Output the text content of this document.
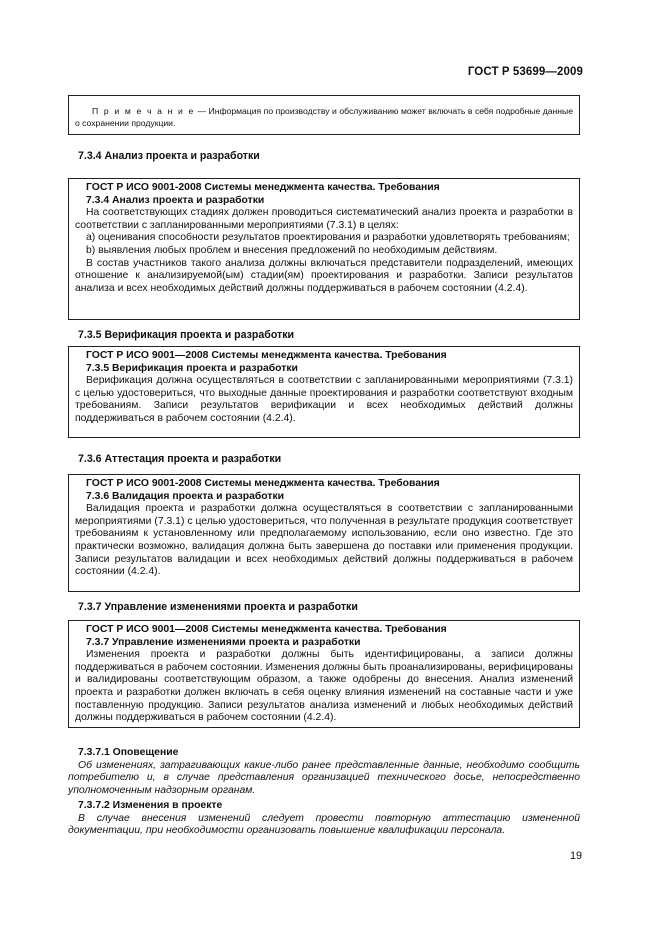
ГОСТ Р 53699—2009

П р и м е ч а н и е — Информация по производству и обслуживанию может включать в себя подробные данные о сохранении продукции.

7.3.4 Анализ проекта и разработки

ГОСТ Р ИСО 9001-2008 Системы менеджмента качества. Требования

7.3.4 Анализ проекта и разработки

На соответствующих стадиях должен проводиться систематический анализ проекта и разработки в соответствии с запланированными мероприятиями (7.3.1) в целях:

a) оценивания способности результатов проектирования и разработки удовлетворять требованиям;

b) выявления любых проблем и внесения предложений по необходимым действиям.

В состав участников такого анализа должны включаться представители подразделений, имеющих отношение к анализируемой(ым) стадии(ям) проектирования и разработки. Записи результатов анализа и всех необходимых действий должны поддерживаться в рабочем состоянии (4.2.4).

7.3.5 Верификация проекта и разработки

ГОСТ Р ИСО 9001—2008 Системы менеджмента качества. Требования

7.3.5 Верификация проекта и разработки

Верификация должна осуществляться в соответствии с запланированными мероприятиями (7.3.1) с целью удостовериться, что выходные данные проектирования и разработки соответствуют входным требованиям. Записи результатов верификации и всех необходимых действий должны поддерживаться в рабочем состоянии (4.2.4).

7.3.6 Аттестация проекта и разработки

ГОСТ Р ИСО 9001-2008 Системы менеджмента качества. Требования

7.3.6 Валидация проекта и разработки

Валидация проекта и разработки должна осуществляться в соответствии с запланированными мероприятиями (7.3.1) с целью удостовериться, что полученная в результате продукция соответствует требованиям к установленному или предполагаемому использованию, если оно известно. Где это практически возможно, валидация должна быть завершена до поставки или применения продукции. Записи результатов валидации и всех необходимых действий должны поддерживаться в рабочем состоянии (4.2.4).

7.3.7 Управление изменениями проекта и разработки

ГОСТ Р ИСО 9001—2008 Системы менеджмента качества. Требования

7.3.7 Управление изменениями проекта и разработки

Изменения проекта и разработки должны быть идентифицированы, а записи должны поддерживаться в рабочем состоянии. Изменения должны быть проанализированы, верифицированы и валидированы соответствующим образом, а также одобрены до внесения. Анализ изменений проекта и разработки должен включать в себя оценку влияния изменений на составные части и уже поставленную продукцию. Записи результатов анализа изменений и любых необходимых действий должны поддерживаться в рабочем состоянии (4.2.4).

7.3.7.1 Оповещение

Об изменениях, затрагивающих какие-либо ранее представленные данные, необходимо сообщить потребителю и, в случае представления организацией технического досье, непосредственно уполномоченным надзорным органам.

7.3.7.2 Изменения в проекте

В случае внесения изменений следует провести повторную аттестацию измененной документации, при необходимости организовать повышение квалификации персонала.

19
